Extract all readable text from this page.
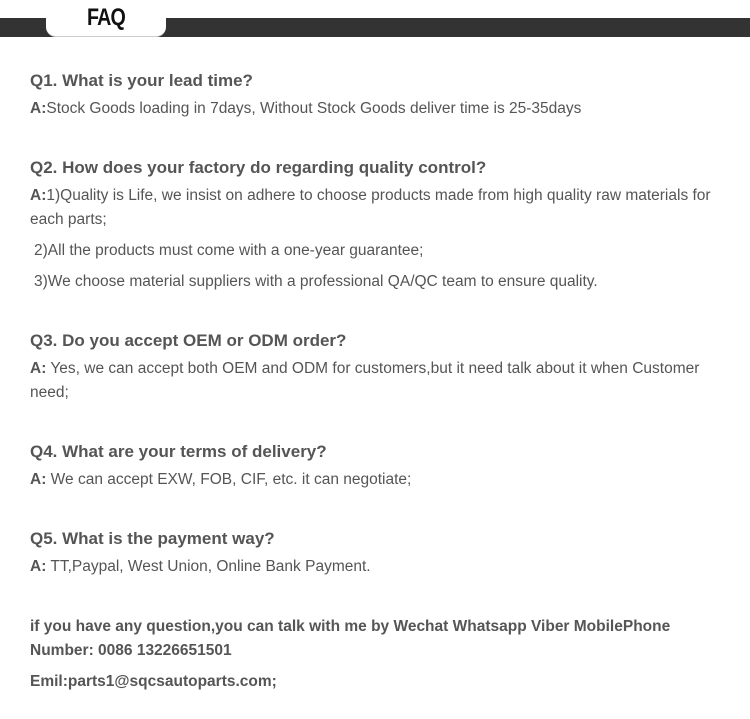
FAQ

Q1. What is your lead time?

A:Stock Goods loading in 7days, Without Stock Goods deliver time is 25-35days

Q2. How does your factory do regarding quality control?

A:1)Quality is Life, we insist on adhere to choose products made from high quality raw materials for each parts;

2)All the products must come with a one-year guarantee;

3)We choose material suppliers with a professional QA/QC team to ensure quality.

Q3. Do you accept OEM or ODM order?

A: Yes, we can accept both OEM and ODM for customers,but it need talk about it when Customer need;

Q4. What are your terms of delivery?

A: We can accept EXW, FOB, CIF, etc. it can negotiate;

Q5. What is the payment way?

A: TT,Paypal, West Union, Online Bank Payment.

if you have any question,you can talk with me by Wechat Whatsapp Viber MobilePhone Number: 0086 13226651501

Emil:parts1@sqcsautoparts.com;
